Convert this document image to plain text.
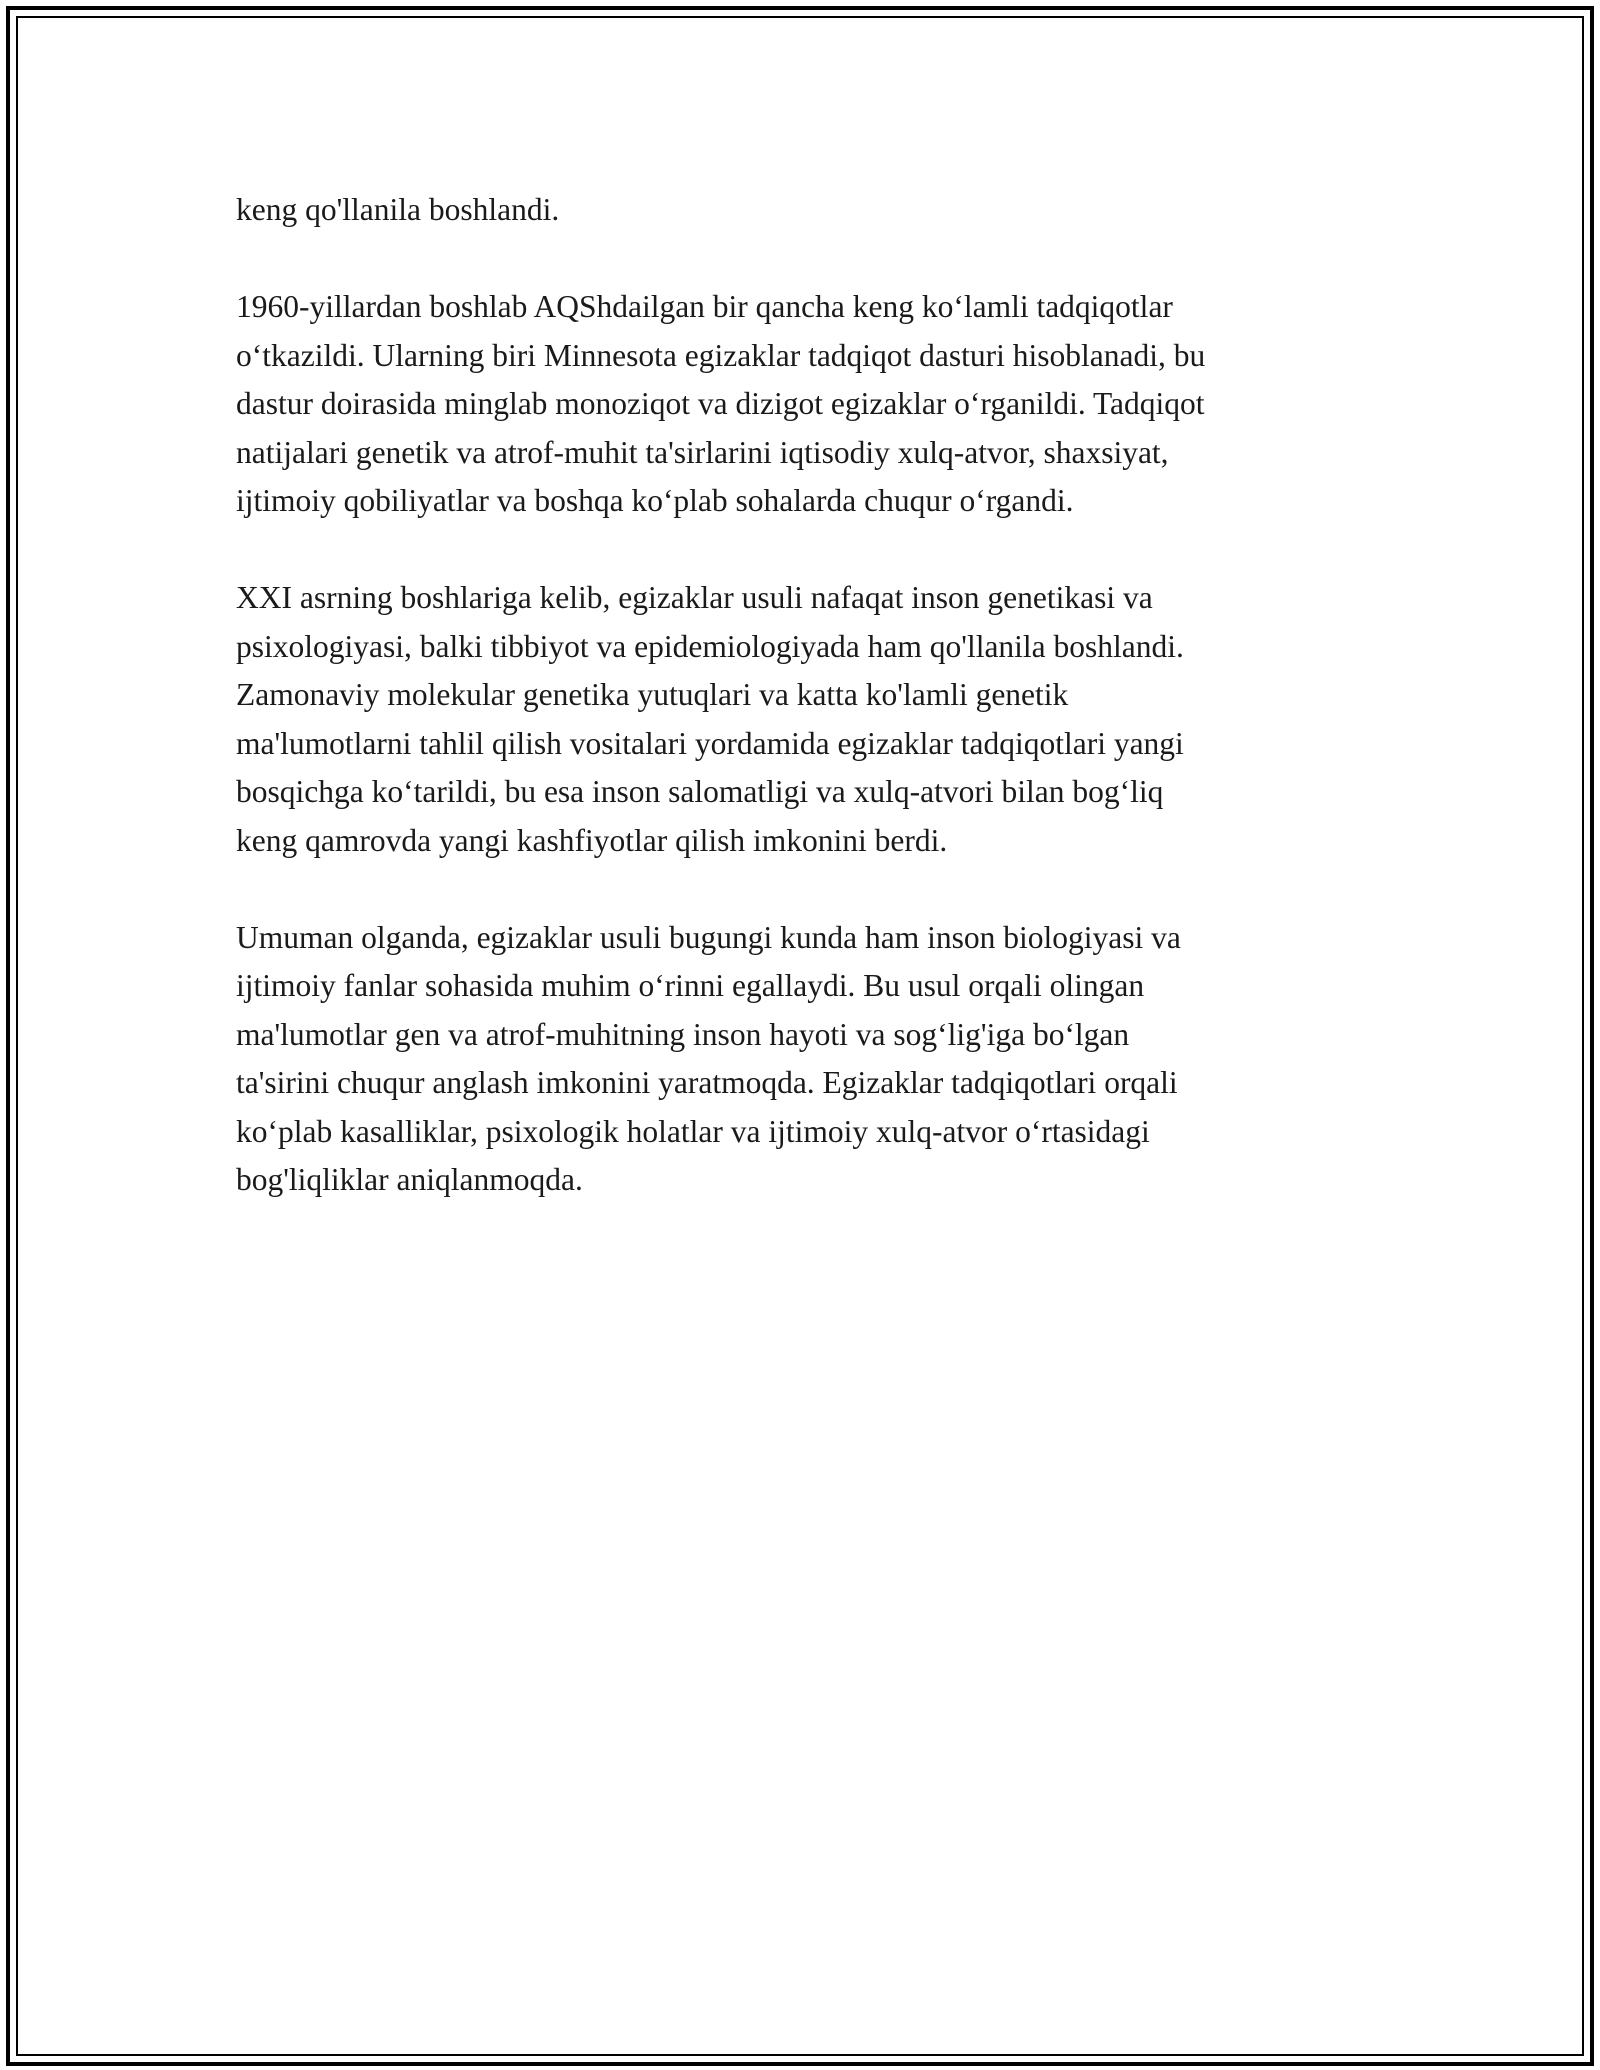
keng qo'llanila boshlandi.

1960-yillardan boshlab AQShdailgan bir qancha keng koʻlamli tadqiqotlar
oʻtkazildi. Ularning biri Minnesota egizaklar tadqiqot dasturi hisoblanadi, bu
dastur doirasida minglab monoziqot va dizigot egizaklar oʻrganildi. Tadqiqot
natijalari genetik va atrof-muhit ta'sirlarini iqtisodiy xulq-atvor, shaxsiyat,
ijtimoiy qobiliyatlar va boshqa koʻplab sohalarda chuqur oʻrgandi.

XXI asrning boshlariga kelib, egizaklar usuli nafaqat inson genetikasi va
psixologiyasi, balki tibbiyot va epidemiologiyada ham qo'llanila boshlandi.
Zamonaviy molekular genetika yutuqlari va katta ko'lamli genetik
ma'lumotlarni tahlil qilish vositalari yordamida egizaklar tadqiqotlari yangi
bosqichga koʻtarildi, bu esa inson salomatligi va xulq-atvori bilan bogʻliq
keng qamrovda yangi kashfiyotlar qilish imkonini berdi.

Umuman olganda, egizaklar usuli bugungi kunda ham inson biologiyasi va
ijtimoiy fanlar sohasida muhim oʻrinni egallaydi. Bu usul orqali olingan
ma'lumotlar gen va atrof-muhitning inson hayoti va sogʻlig'iga boʻlgan
ta'sirini chuqur anglash imkonini yaratmoqda. Egizaklar tadqiqotlari orqali
koʻplab kasalliklar, psixologik holatlar va ijtimoiy xulq-atvor oʻrtasidagi
bog'liqliklar aniqlanmoqda.
